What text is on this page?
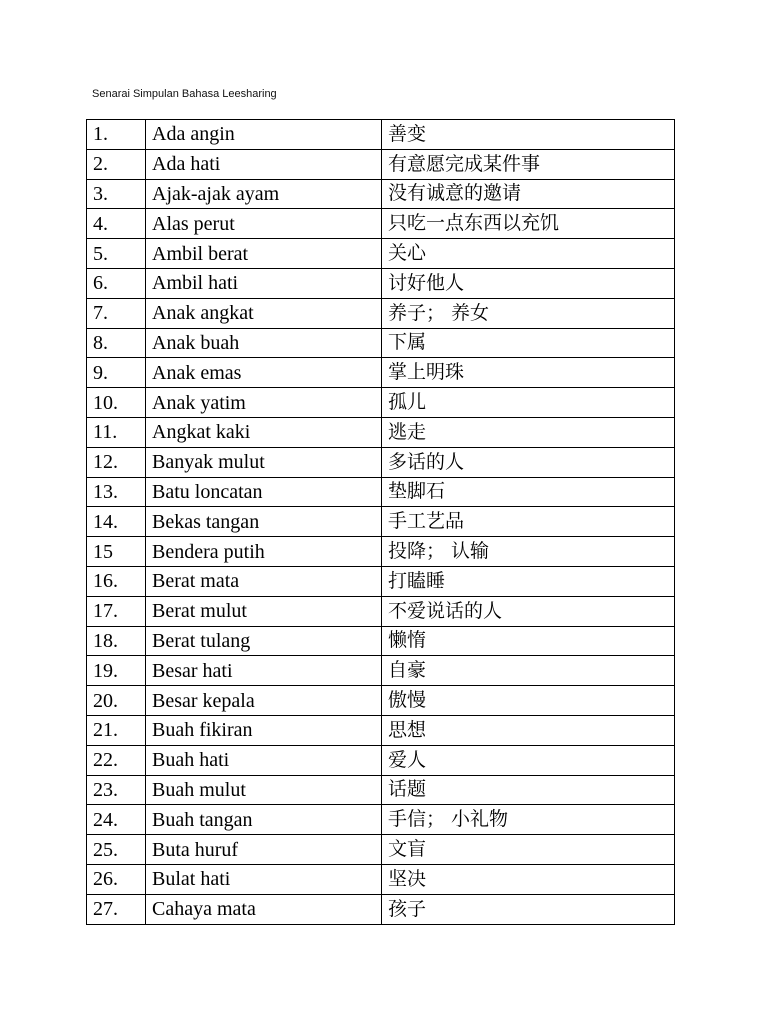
Senarai Simpulan Bahasa Leesharing
1.	Ada angin	善变
2.	Ada hati	有意愿完成某件事
3.	Ajak-ajak ayam	没有诚意的邀请
4.	Alas perut	只吃一点东西以充饥
5.	Ambil berat	关心
6.	Ambil hati	讨好他人
7.	Anak angkat	养子； 养女
8.	Anak buah	下属
9.	Anak emas	掌上明珠
10.	Anak yatim	孤儿
11.	Angkat kaki	逃走
12.	Banyak mulut	多话的人
13.	Batu loncatan	垫脚石
14.	Bekas tangan	手工艺品
15	Bendera putih	投降； 认输
16.	Berat mata	打瞌睡
17.	Berat mulut	不爱说话的人
18.	Berat tulang	懒惰
19.	Besar hati	自豪
20.	Besar kepala	傲慢
21.	Buah fikiran	思想
22.	Buah hati	爱人
23.	Buah mulut	话题
24.	Buah tangan	手信； 小礼物
25.	Buta huruf	文盲
26.	Bulat hati	坚决
27.	Cahaya mata	孩子
